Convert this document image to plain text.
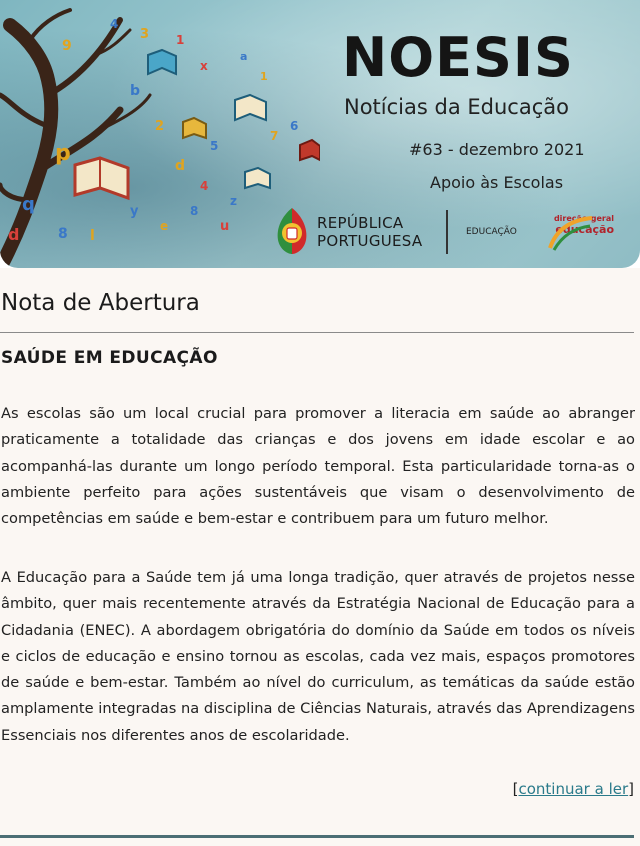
9
4
3 1
x
b
2
5
d
4
y
e
8
u
z
7
6
p
q
d	8 l
a
1 NOESIS
Notícias da Educação
#63 - dezembro 2021
Apoio às Escolas
REPÚBLICA
PORTUGUESA	EDUCAÇÃO
direção-geral
educação
Nota de Abertura
SAÚDE EM EDUCAÇÃO

As escolas são um local crucial para promover a literacia em saúde ao abranger praticamente a totalidade das crianças e dos jovens em idade escolar e ao acompanhá-las durante um longo período temporal. Esta particularidade torna-as o ambiente perfeito para ações sustentáveis que visam o desenvolvimento de competências em saúde e bem-estar e contribuem para um futuro melhor.

A Educação para a Saúde tem já uma longa tradição, quer através de projetos nesse âmbito, quer mais recentemente através da Estratégia Nacional de Educação para a Cidadania (ENEC). A abordagem obrigatória do domínio da Saúde em todos os níveis e ciclos de educação e ensino tornou as escolas, cada vez mais, espaços promotores de saúde e bem-estar. Também ao nível do curriculum, as temáticas da saúde estão amplamente integradas na disciplina de Ciências Naturais, através das Aprendizagens Essenciais nos diferentes anos de escolaridade.

[continuar a ler]
